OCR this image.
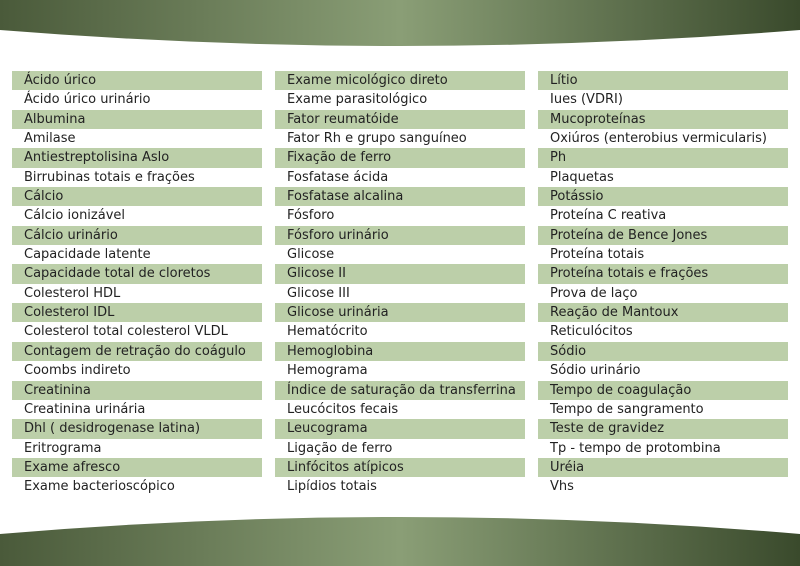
Ácido úrico
Ácido úrico urinário
Albumina
Amilase
Antiestreptolisina Aslo
Birrubinas totais e frações
Cálcio
Cálcio ionizável
Cálcio urinário
Capacidade latente
Capacidade total de cloretos
Colesterol HDL
Colesterol IDL
Colesterol total colesterol VLDL
Contagem de retração do coágulo
Coombs indireto
Creatinina
Creatinina urinária
Dhl ( desidrogenase latina)
Eritrograma
Exame afresco
Exame bacterioscópico
Exame micológico direto
Exame parasitológico
Fator reumatóide
Fator Rh e grupo sanguíneo
Fixação de ferro
Fosfatase ácida
Fosfatase alcalina
Fósforo
Fósforo urinário
Glicose
Glicose II
Glicose III
Glicose urinária
Hematócrito
Hemoglobina
Hemograma
Índice de saturação da transferrina
Leucócitos fecais
Leucograma
Ligação de ferro
Linfócitos atípicos
Lipídios totais
Lítio
Iues (VDRI)
Mucoproteínas
Oxiúros (enterobius vermicularis)
Ph
Plaquetas
Potássio
Proteína C reativa
Proteína de Bence Jones
Proteína totais
Proteína totais e frações
Prova de laço
Reação de Mantoux
Reticulócitos
Sódio
Sódio urinário
Tempo de coagulação
Tempo de sangramento
Teste de gravidez
Tp - tempo de protombina
Uréia
Vhs
